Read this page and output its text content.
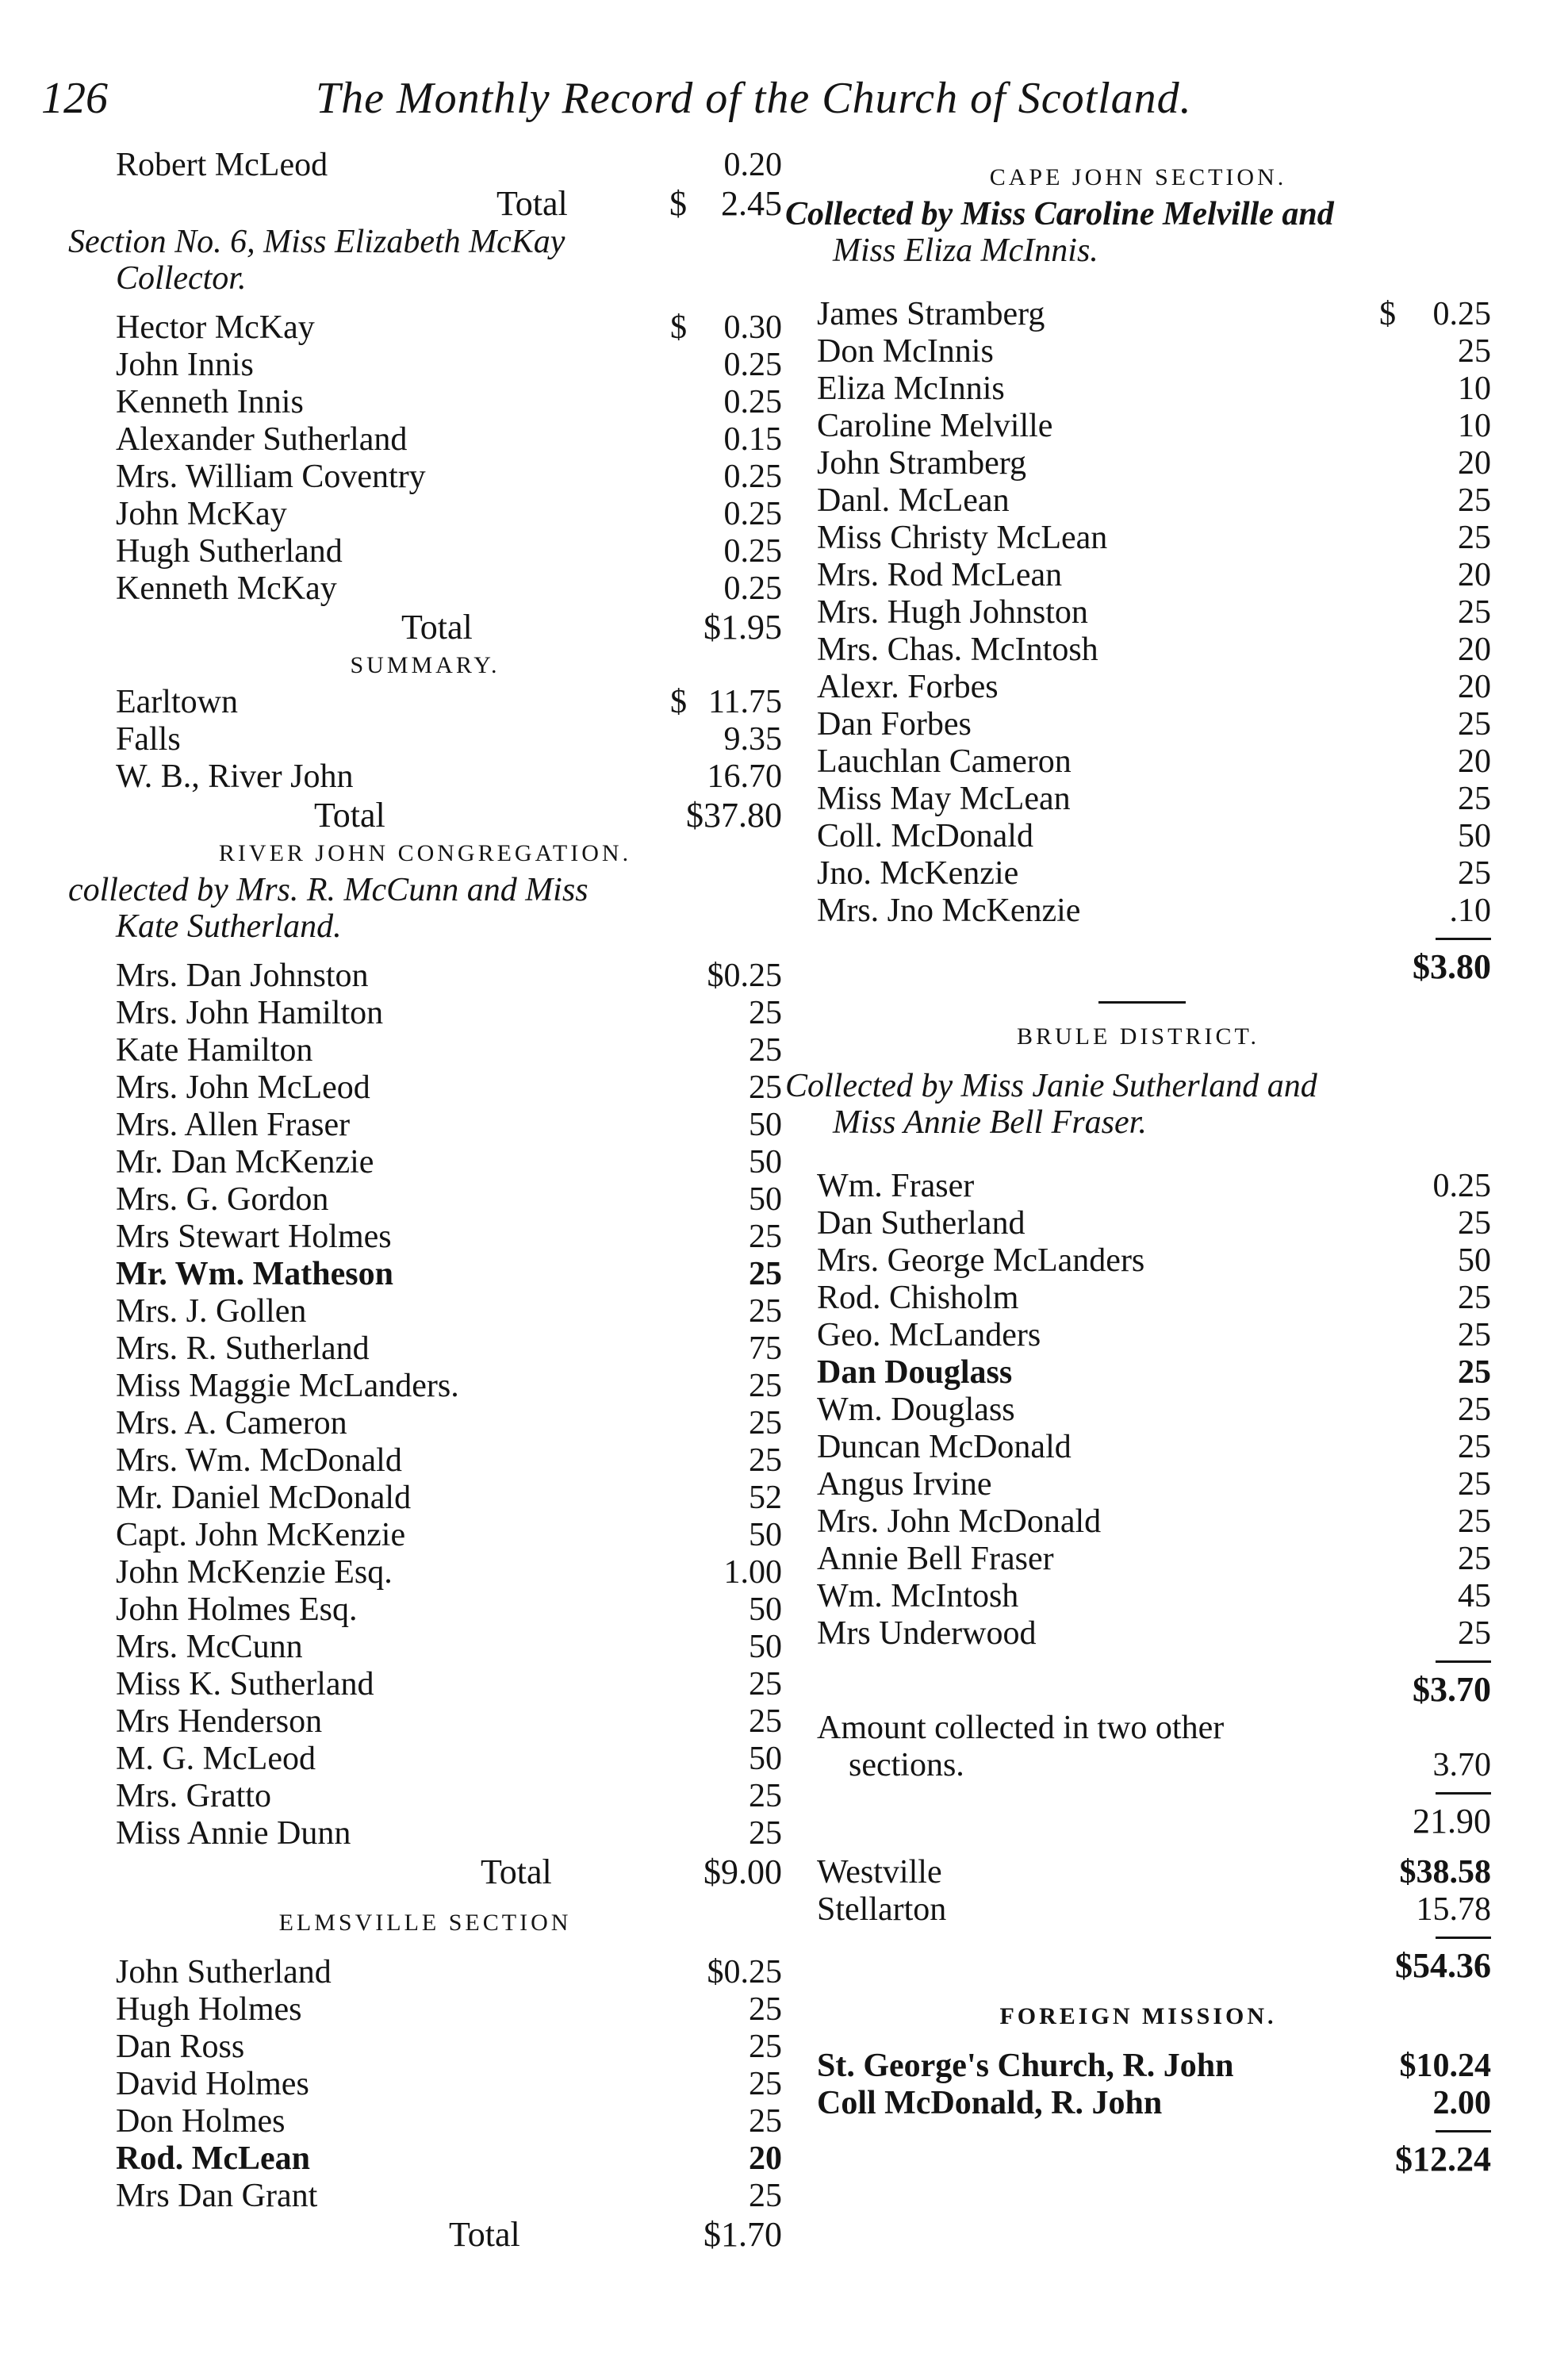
126	The Monthly Record of the Church of Scotland.
Robert McLeod	0.20
Total	$ 2.45
Section No. 6, Miss Elizabeth McKay
Collector.
Hector McKay	$ 0.30
John Innis	0.25
Kenneth Innis	0.25
Alexander Sutherland	0.15
Mrs. William Coventry	0.25
John McKay	0.25
Hugh Sutherland	0.25
Kenneth McKay	0.25
Total	$1.95
SUMMARY.
Earltown	$ 11.75
Falls	9.35
W. B., River John	16.70
Total	$37.80
RIVER JOHN CONGREGATION.
collected by Mrs. R. McCunn and Miss
Kate Sutherland.
Mrs. Dan Johnston	$0.25
Mrs. John Hamilton	25
Kate Hamilton	25
Mrs. John McLeod	25
Mrs. Allen Fraser	50
Mr. Dan McKenzie	50
Mrs. G. Gordon	50
Mrs Stewart Holmes	25
Mr. Wm. Matheson	25
Mrs. J. Gollen	25
Mrs. R. Sutherland	75
Miss Maggie McLanders.	25
Mrs. A. Cameron	25
Mrs. Wm. McDonald	25
Mr. Daniel McDonald	52
Capt. John McKenzie	50
John McKenzie Esq.	1.00
John Holmes Esq.	50
Mrs. McCunn	50
Miss K. Sutherland	25
Mrs Henderson	25
M. G. McLeod	50
Mrs. Gratto	25
Miss Annie Dunn	25
Total	$9.00
ELMSVILLE SECTION
John Sutherland	$0.25
Hugh Holmes	25
Dan Ross	25
David Holmes	25
Don Holmes	25
Rod. McLean	20
Mrs Dan Grant	25
Total	$1.70
CAPE JOHN SECTION.
Collected by Miss Caroline Melville and
Miss Eliza McInnis.
James Stramberg	$ 0.25
Don McInnis	25
Eliza McInnis	10
Caroline Melville	10
John Stramberg	20
Danl. McLean	25
Miss Christy McLean	25
Mrs. Rod McLean	20
Mrs. Hugh Johnston	25
Mrs. Chas. McIntosh	20
Alexr. Forbes	20
Dan Forbes	25
Lauchlan Cameron	20
Miss May McLean	25
Coll. McDonald	50
Jno. McKenzie	25
Mrs. Jno McKenzie	.10
$3.80
BRULE DISTRICT.
Collected by Miss Janie Sutherland and
Miss Annie Bell Fraser.
Wm. Fraser	0.25
Dan Sutherland	25
Mrs. George McLanders	50
Rod. Chisholm	25
Geo. McLanders	25
Dan Douglass	25
Wm. Douglass	25
Duncan McDonald	25
Angus Irvine	25
Mrs. John McDonald	25
Annie Bell Fraser	25
Wm. McIntosh	45
Mrs Underwood	25
$3.70
Amount collected in two other
sections.	3.70
21.90
Westville	$38.58
Stellarton	15.78
$54.36
FOREIGN MISSION.
St. George's Church, R. John	$10.24
Coll McDonald, R. John	2.00
$12.24
